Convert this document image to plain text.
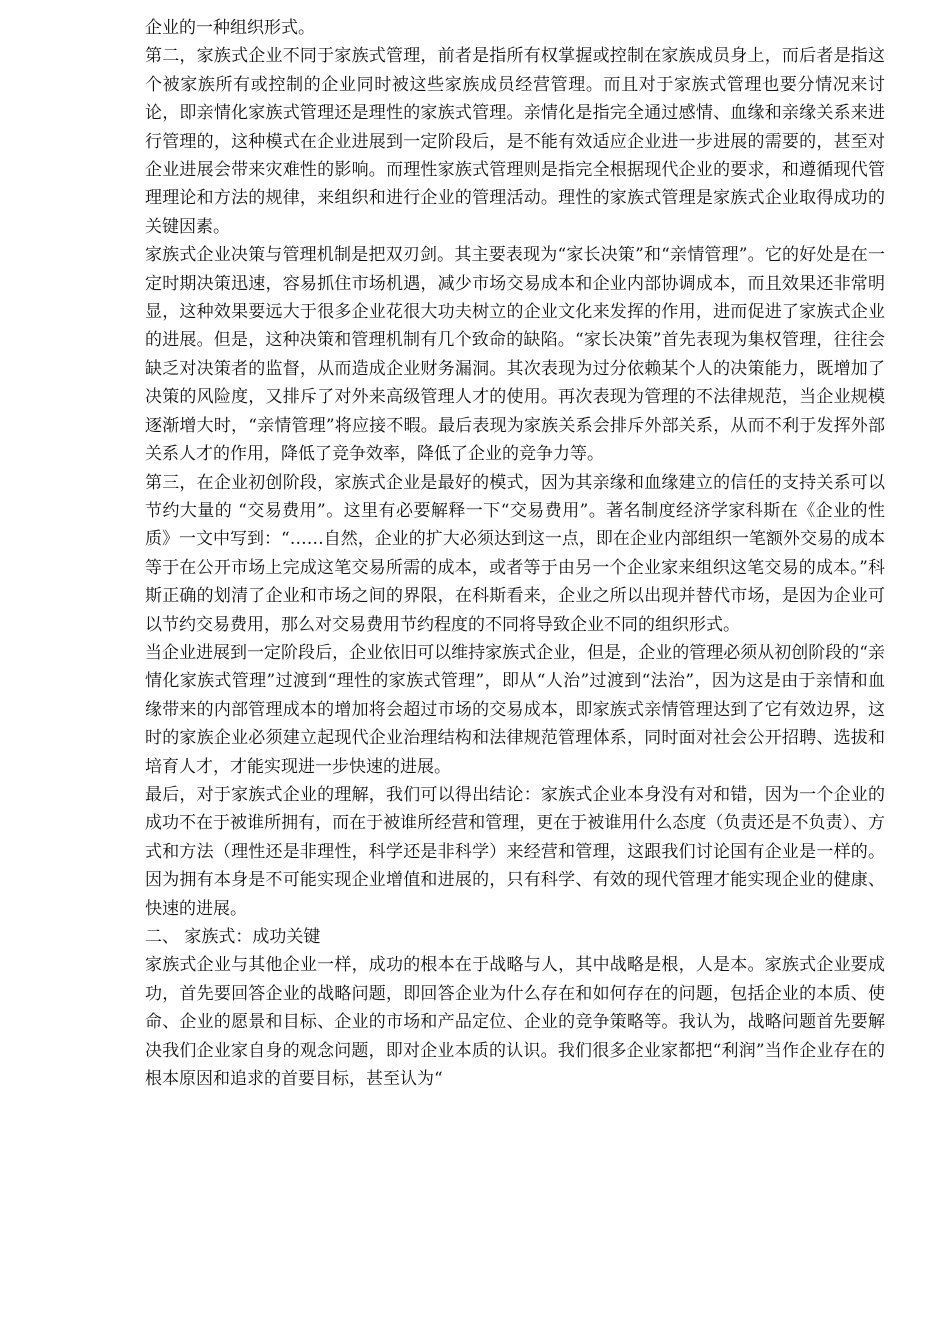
企业的一种组织形式。

第二，家族式企业不同于家族式管理，前者是指所有权掌握或控制在家族成员身上，而后者是指这个被家族所有或控制的企业同时被这些家族成员经营管理。而且对于家族式管理也要分情况来讨论，即亲情化家族式管理还是理性的家族式管理。亲情化是指完全通过感情、血缘和亲缘关系来进行管理的，这种模式在企业进展到一定阶段后，是不能有效适应企业进一步进展的需要的，甚至对企业进展会带来灾难性的影响。而理性家族式管理则是指完全根据现代企业的要求，和遵循现代管理理论和方法的规律，来组织和进行企业的管理活动。理性的家族式管理是家族式企业取得成功的关键因素。

家族式企业决策与管理机制是把双刃剑。其主要表现为“家长决策”和“亲情管理”。它的好处是在一定时期决策迅速，容易抓住市场机遇，减少市场交易成本和企业内部协调成本，而且效果还非常明显，这种效果要远大于很多企业花很大功夫树立的企业文化来发挥的作用，进而促进了家族式企业的进展。但是，这种决策和管理机制有几个致命的缺陷。“家长决策”首先表现为集权管理，往往会缺乏对决策者的监督，从而造成企业财务漏洞。其次表现为过分依赖某个人的决策能力，既增加了决策的风险度，又排斥了对外来高级管理人才的使用。再次表现为管理的不法律规范，当企业规模逐渐增大时，“亲情管理”将应接不暇。最后表现为家族关系会排斥外部关系，从而不利于发挥外部关系人才的作用，降低了竞争效率，降低了企业的竞争力等。

第三，在企业初创阶段，家族式企业是最好的模式，因为其亲缘和血缘建立的信任的支持关系可以节约大量的 “交易费用”。这里有必要解释一下“交易费用”。著名制度经济学家科斯在《企业的性质》一文中写到：“……自然，企业的扩大必须达到这一点，即在企业内部组织一笔额外交易的成本等于在公开市场上完成这笔交易所需的成本，或者等于由另一个企业家来组织这笔交易的成本。”科斯正确的划清了企业和市场之间的界限，在科斯看来，企业之所以出现并替代市场，是因为企业可以节约交易费用，那么对交易费用节约程度的不同将导致企业不同的组织形式。

当企业进展到一定阶段后，企业依旧可以维持家族式企业，但是，企业的管理必须从初创阶段的“亲情化家族式管理”过渡到“理性的家族式管理”，即从“人治”过渡到“法治”，因为这是由于亲情和血缘带来的内部管理成本的增加将会超过市场的交易成本，即家族式亲情管理达到了它有效边界，这时的家族企业必须建立起现代企业治理结构和法律规范管理体系，同时面对社会公开招聘、选拔和培育人才，才能实现进一步快速的进展。

最后，对于家族式企业的理解，我们可以得出结论：家族式企业本身没有对和错，因为一个企业的成功不在于被谁所拥有，而在于被谁所经营和管理，更在于被谁用什么态度（负责还是不负责）、方式和方法（理性还是非理性，科学还是非科学）来经营和管理，这跟我们讨论国有企业是一样的。因为拥有本身是不可能实现企业增值和进展的，只有科学、有效的现代管理才能实现企业的健康、快速的进展。

二、 家族式：成功关键

家族式企业与其他企业一样，成功的根本在于战略与人，其中战略是根，人是本。家族式企业要成功，首先要回答企业的战略问题，即回答企业为什么存在和如何存在的问题，包括企业的本质、使命、企业的愿景和目标、企业的市场和产品定位、企业的竞争策略等。我认为，战略问题首先要解决我们企业家自身的观念问题，即对企业本质的认识。我们很多企业家都把“利润”当作企业存在的根本原因和追求的首要目标，甚至认为“
